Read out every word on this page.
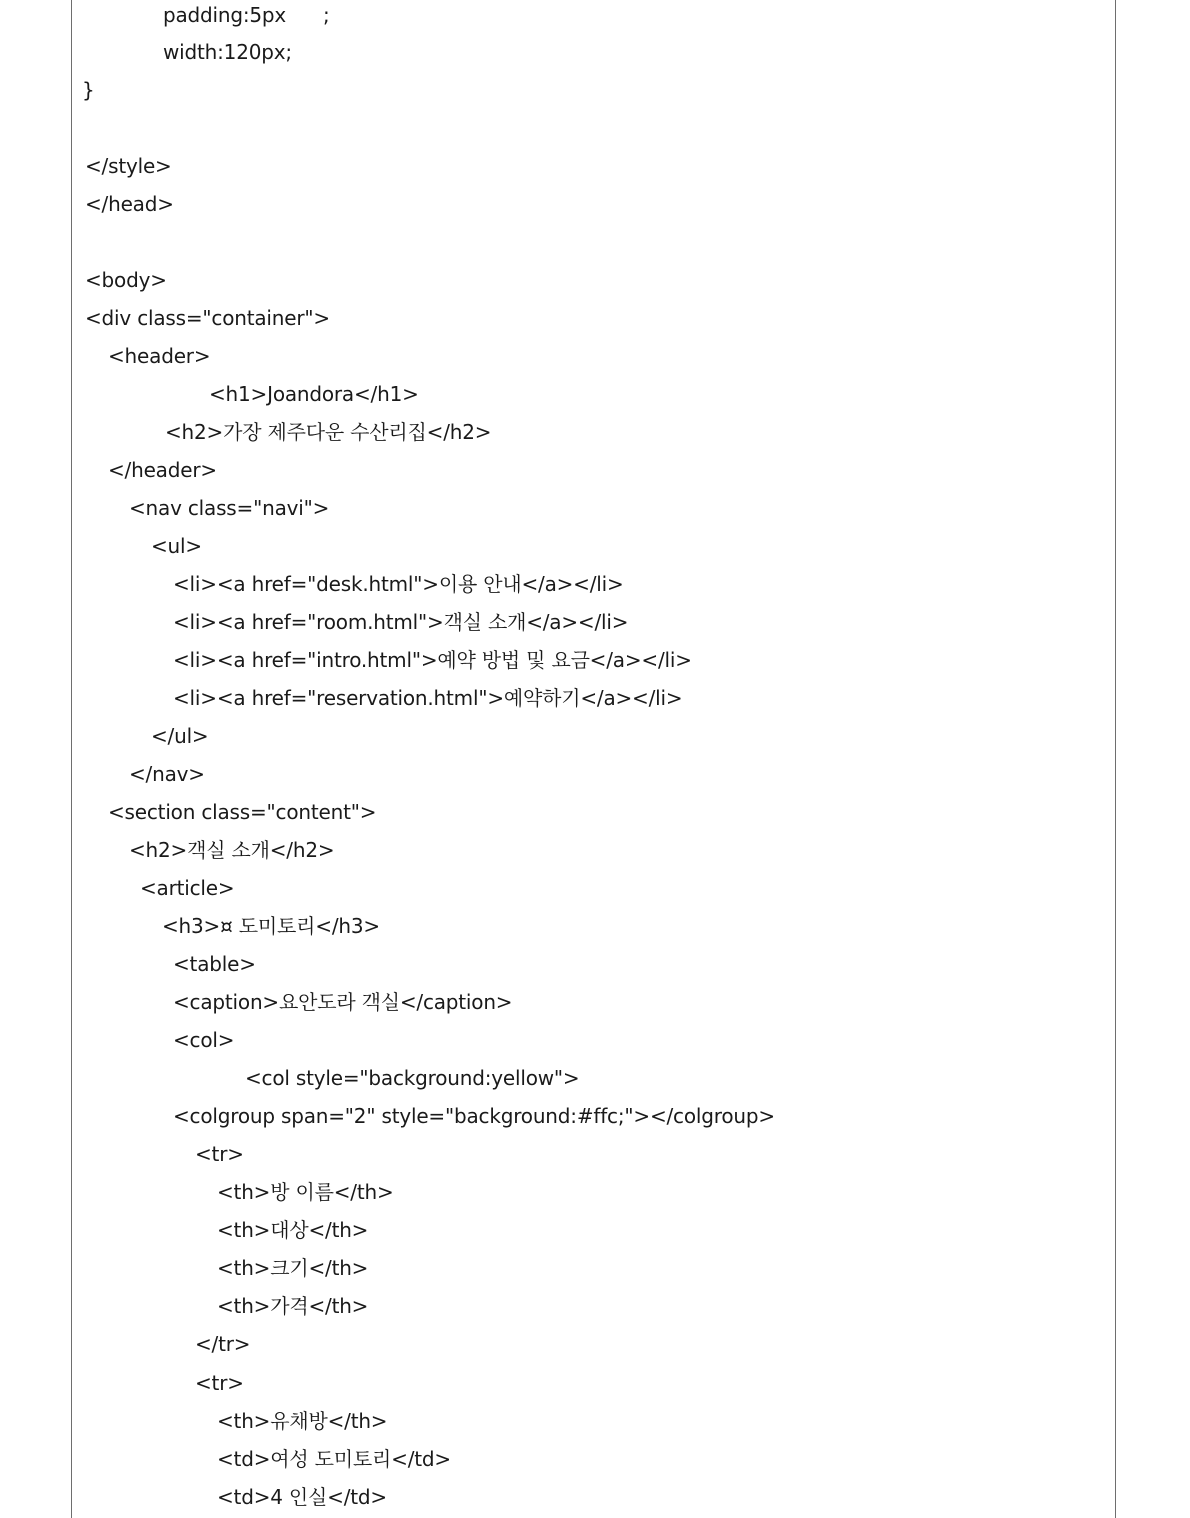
padding:5px      ;
width:120px;
}
</style>
</head>
<body>
<div class="container">
<header>
<h1>Joandora</h1>
<h2>가장 제주다운 수산리집</h2>
</header>
<nav class="navi">
<ul>
<li><a href="desk.html">이용 안내</a></li>
<li><a href="room.html">객실 소개</a></li>
<li><a href="intro.html">예약 방법 및 요금</a></li>
<li><a href="reservation.html">예약하기</a></li>
</ul>
</nav>
<section class="content">
<h2>객실 소개</h2>
<article>
<h3>¤ 도미토리</h3>
<table>
<caption>요안도라 객실</caption>
<col>
<col style="background:yellow">
<colgroup span="2" style="background:#ffc;"></colgroup>
<tr>
<th>방 이름</th>
<th>대상</th>
<th>크기</th>
<th>가격</th>
</tr>
<tr>
<th>유채방</th>
<td>여성 도미토리</td>
<td>4 인실</td>
